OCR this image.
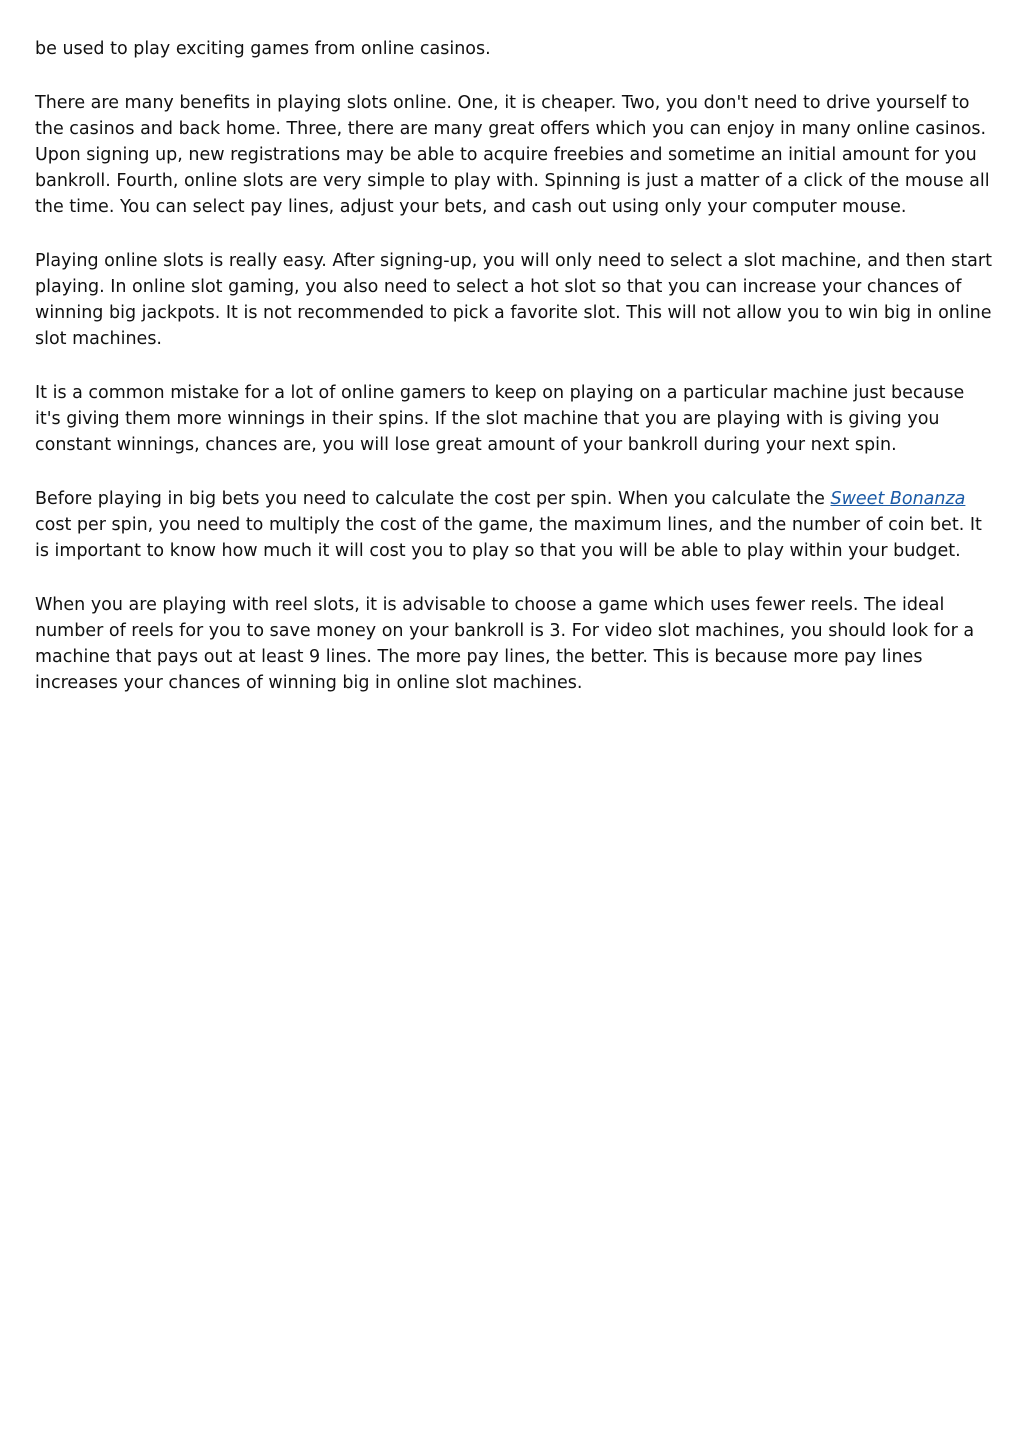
be used to play exciting games from online casinos.

There are many benefits in playing slots online. One, it is cheaper. Two, you don't need to drive yourself to the casinos and back home. Three, there are many great offers which you can enjoy in many online casinos. Upon signing up, new registrations may be able to acquire freebies and sometime an initial amount for you bankroll. Fourth, online slots are very simple to play with. Spinning is just a matter of a click of the mouse all the time. You can select pay lines, adjust your bets, and cash out using only your computer mouse.

Playing online slots is really easy. After signing-up, you will only need to select a slot machine, and then start playing. In online slot gaming, you also need to select a hot slot so that you can increase your chances of winning big jackpots. It is not recommended to pick a favorite slot. This will not allow you to win big in online slot machines.

It is a common mistake for a lot of online gamers to keep on playing on a particular machine just because it's giving them more winnings in their spins. If the slot machine that you are playing with is giving you constant winnings, chances are, you will lose great amount of your bankroll during your next spin.

Before playing in big bets you need to calculate the cost per spin. When you calculate the Sweet Bonanza cost per spin, you need to multiply the cost of the game, the maximum lines, and the number of coin bet. It is important to know how much it will cost you to play so that you will be able to play within your budget.

When you are playing with reel slots, it is advisable to choose a game which uses fewer reels. The ideal number of reels for you to save money on your bankroll is 3. For video slot machines, you should look for a machine that pays out at least 9 lines. The more pay lines, the better. This is because more pay lines increases your chances of winning big in online slot machines.
